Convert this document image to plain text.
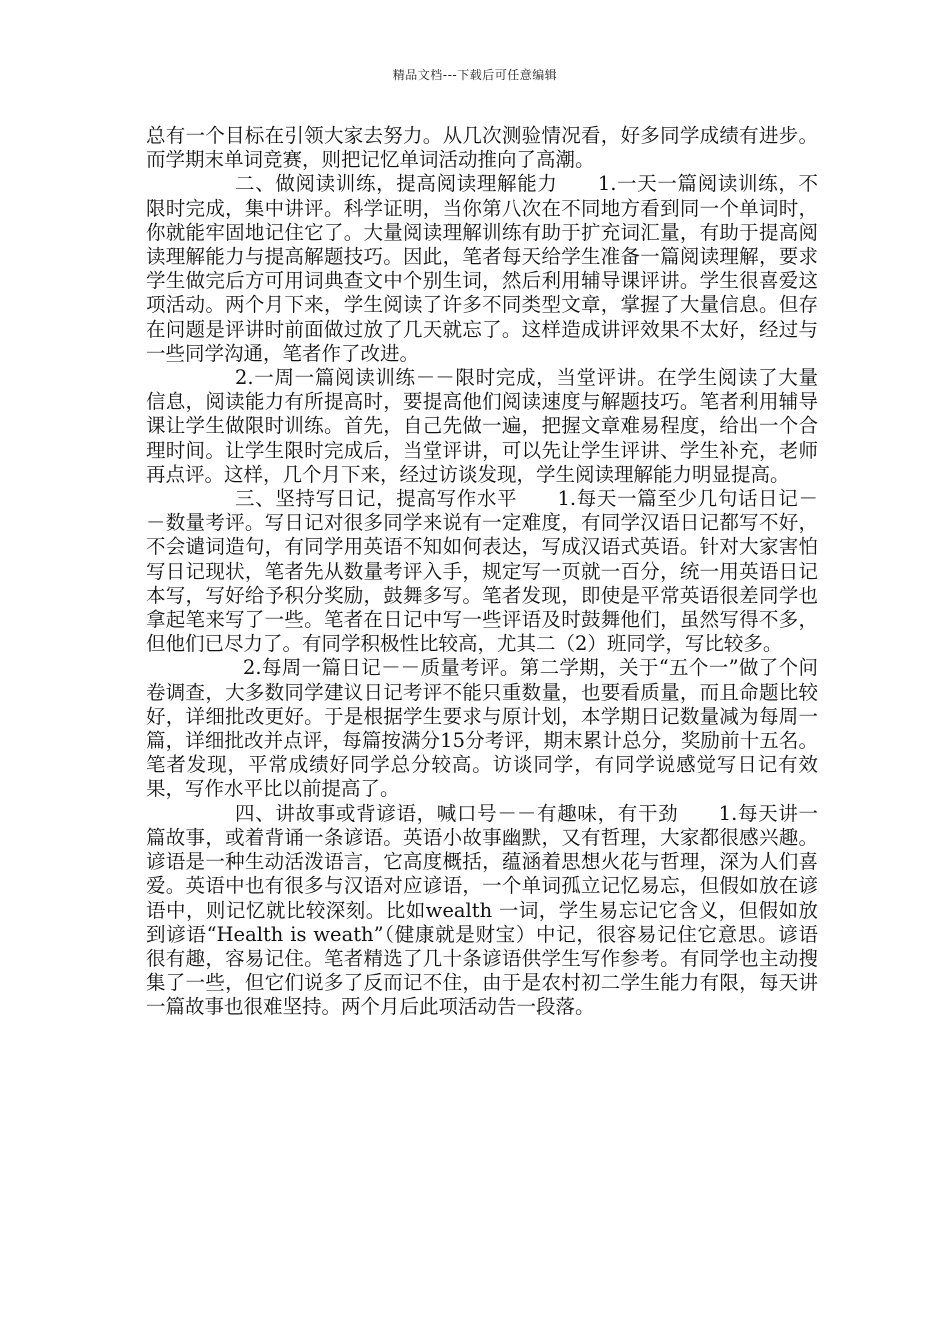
精品文档---下载后可任意编辑

总有一个目标在引领大家去努力。从几次测验情况看，好多同学成绩有进步。而学期末单词竞赛，则把记忆单词活动推向了高潮。

二、做阅读训练，提高阅读理解能力　　1.一天一篇阅读训练，不限时完成，集中讲评。科学证明，当你第八次在不同地方看到同一个单词时，你就能牢固地记住它了。大量阅读理解训练有助于扩充词汇量，有助于提高阅读理解能力与提高解题技巧。因此，笔者每天给学生准备一篇阅读理解，要求学生做完后方可用词典查文中个别生词，然后利用辅导课评讲。学生很喜爱这项活动。两个月下来，学生阅读了许多不同类型文章，掌握了大量信息。但存在问题是评讲时前面做过放了几天就忘了。这样造成讲评效果不太好，经过与一些同学沟通，笔者作了改进。

2.一周一篇阅读训练－－限时完成，当堂评讲。在学生阅读了大量信息，阅读能力有所提高时，要提高他们阅读速度与解题技巧。笔者利用辅导课让学生做限时训练。首先，自己先做一遍，把握文章难易程度，给出一个合理时间。让学生限时完成后，当堂评讲，可以先让学生评讲、学生补充，老师再点评。这样，几个月下来，经过访谈发现，学生阅读理解能力明显提高。

三、坚持写日记，提高写作水平　　1.每天一篇至少几句话日记－－数量考评。写日记对很多同学来说有一定难度，有同学汉语日记都写不好，不会谴词造句，有同学用英语不知如何表达，写成汉语式英语。针对大家害怕写日记现状，笔者先从数量考评入手，规定写一页就一百分，统一用英语日记本写，写好给予积分奖励，鼓舞多写。笔者发现，即使是平常英语很差同学也拿起笔来写了一些。笔者在日记中写一些评语及时鼓舞他们，虽然写得不多，但他们已尽力了。有同学积极性比较高，尤其二（2）班同学，写比较多。

2.每周一篇日记－－质量考评。第二学期，关于“五个一”做了个问卷调查，大多数同学建议日记考评不能只重数量，也要看质量，而且命题比较好，详细批改更好。于是根据学生要求与原计划，本学期日记数量减为每周一篇，详细批改并点评，每篇按满分15分考评，期末累计总分，奖励前十五名。笔者发现，平常成绩好同学总分较高。访谈同学，有同学说感觉写日记有效果，写作水平比以前提高了。

四、讲故事或背谚语，喊口号－－有趣味，有干劲　　1.每天讲一篇故事，或着背诵一条谚语。英语小故事幽默，又有哲理，大家都很感兴趣。谚语是一种生动活泼语言，它高度概括，蕴涵着思想火花与哲理，深为人们喜爱。英语中也有很多与汉语对应谚语，一个单词孤立记忆易忘，但假如放在谚语中，则记忆就比较深刻。比如wealth 一词，学生易忘记它含义，但假如放到谚语“Health is weath”（健康就是财宝）中记，很容易记住它意思。谚语很有趣，容易记住。笔者精选了几十条谚语供学生写作参考。有同学也主动搜集了一些，但它们说多了反而记不住，由于是农村初二学生能力有限，每天讲一篇故事也很难坚持。两个月后此项活动告一段落。
